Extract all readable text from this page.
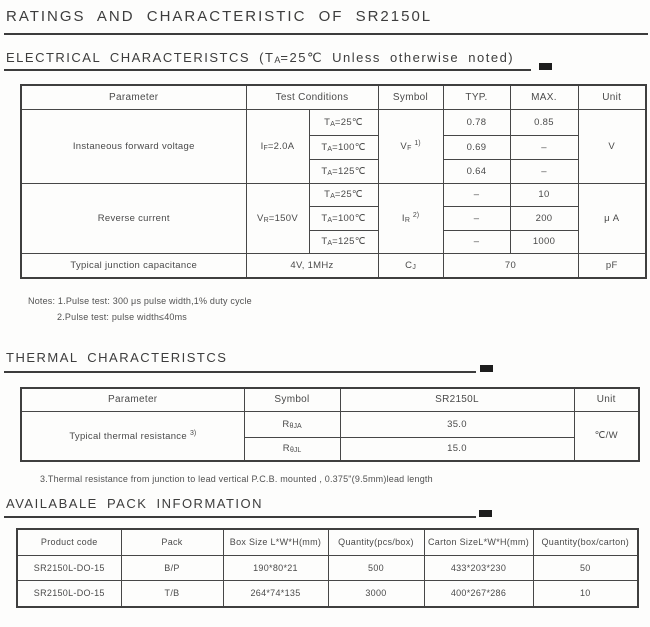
RATINGS AND CHARACTERISTIC OF SR2150L
ELECTRICAL CHARACTERISTCS ($T_A=25℃$ Unless otherwise noted)
Parameter	Test Conditions		Symbol	TYP.	MAX.	Unit
Instaneous forward voltage	$I_F=2.0A$	$T_A=25℃$	$V_F^{1)}$	0.78	0.85	V
		$T_A=100℃$		0.69	–	
		$T_A=125℃$		0.64	–	
Reverse current	$V_R=150V$	$T_A=25℃$	$I_R^{2)}$	–	10	μ A
		$T_A=100℃$		–	200	
		$T_A=125℃$		–	1000	
Typical junction capacitance	4V, 1MHz		$C_J$	70		pF
Notes: 1.Pulse test: 300 μs pulse width,1% duty cycle
2.Pulse test: pulse width≤40ms
THERMAL CHARACTERISTCS
Parameter	Symbol	SR2150L	Unit
Typical thermal resistance $^{3)}$	$R_{\theta JA}$	35.0	℃/W
	$R_{\theta JL}$	15.0	
3.Thermal resistance from junction to lead vertical P.C.B. mounted , 0.375"(9.5mm)lead length
AVAILABALE PACK INFORMATION
Product code	Pack	Box Size L*W*H(mm)	Quantity(pcs/box)	Carton SizeL*W*H(mm)	Quantity(box/carton)
SR2150L-DO-15	B/P	190*80*21	500	433*203*230	50
SR2150L-DO-15	T/B	264*74*135	3000	400*267*286	10
